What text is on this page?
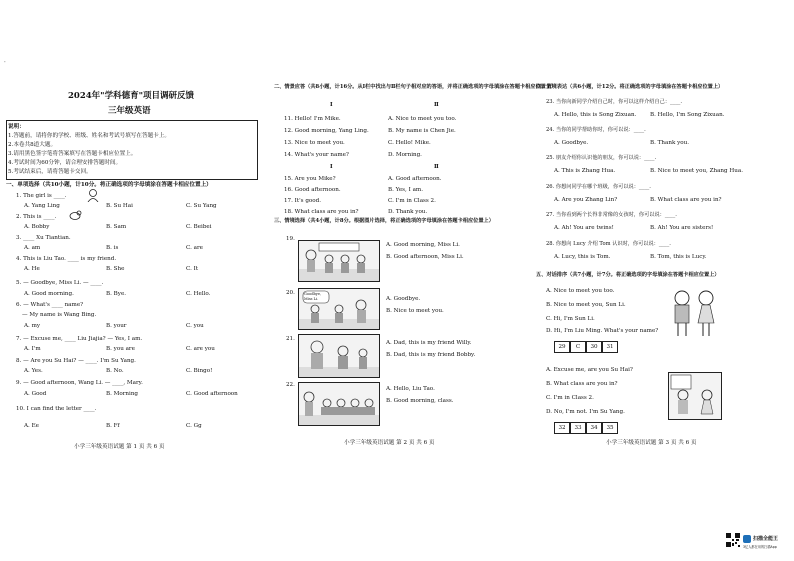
·
2024年"学科德育"项目调研反馈
三年级英语
说明：
1.答题前，请将你的学校、班级、姓名和考试号填写在答题卡上。
2.本卷共8道大题。
3.请用黑色签字笔将答案填写在答题卡相应位置上。
4.考试时间为60分钟，请合理安排答题时间。
5.考试结束后，请将答题卡交回。
一、单项选择（共10小题，计10分。将正确选项的字母填涂在答题卡相应位置上）
1. The girl is ____.
A. Yang Ling	B. Su Hai	C. Su Yang
2. This is ____.
A. Bobby	B. Sam	C. Beibei
3. ____ Xu Tiantian.
A. am	B. is	C. are
4. This is Liu Tao. ____ is my friend.
A. He	B. She	C. It
5. — Goodbye, Miss Li. — ____.
A. Good morning.	B. Bye.	C. Hello.
6. — What's ____ name?
— My name is Wang Bing.
A. my	B. your	C. you
7. — Excuse me, ____ Liu Jiajia? — Yes, I am.
A. I'm	B. you are	C. are you
8. — Are you Su Hai? — ____. I'm Su Yang.
A. Yes.	B. No.	C. Bingo!
9. — Good afternoon, Wang Li. — ____, Mary.
A. Good	B. Morning	C. Good afternoon
10. I can find the letter ____.
A. Ee	B. Ff	C. Gg
小学三年级英语试题 第 1 页 共 6 页
二、情景应答（共8小题，计16分。从Ⅰ栏中找出与Ⅱ栏句子相对应的答语，并将正确选项的字母填涂在答题卡相应位置上）
Ⅰ	Ⅱ
11. Hello! I'm Mike.
12. Good morning, Yang Ling.
13. Nice to meet you.
14. What's your name?
A. Nice to meet you too.
B. My name is Chen Jie.
C. Hello! Mike.
D. Morning.
Ⅰ	Ⅱ
15. Are you Mike?
16. Good afternoon.
17. It's good.
18. What class are you in?
A. Good afternoon.
B. Yes, I am.
C. I'm in Class 2.
D. Thank you.
三、情境选择（共4小题，计8分。根据图片选择，将正确选项的字母填涂在答题卡相应位置上）
19.
A. Good morning, Miss Li.
B. Good afternoon, Miss Li.
20.	Goodbye, Miss Li.	A. Goodbye.
B. Nice to meet you.
21.
A. Dad, this is my friend Willy.
B. Dad, this is my friend Bobby.
22.
A. Hello, Liu Tao.
B. Good morning, class.
小学三年级英语试题 第 2 页 共 6 页
四、情境表达（共6小题，计12分。将正确选项的字母填涂在答题卡相应位置上）
23. 当你向新同学介绍自己时，你可以这样介绍自己：____.
A. Hello, this is Song Zixuan. B. Hello, I'm Song Zixuan.
24. 当你的同学帮助你时，你可以说：____.
A. Goodbye.	B. Thank you.
25. 朋友介绍你认识他的朋友，你可以说：____.
A. This is Zhang Hua.	B. Nice to meet you, Zhang Hua.
26. 你想问同学在哪个班级，你可以说：____.
A. Are you Zhang Lin?	B. What class are you in?
27. 当你看到两个长得非常像的女孩时，你可以说：____.
A. Ah! You are twins!	B. Ah! You are sisters!
28. 你想向 Lucy 介绍 Tom 认识时，你可以说：____.
A. Lucy, this is Tom.	B. Tom, this is Lucy.
五、对话排序（共7小题，计7分。将正确选项的字母填涂在答题卡相应位置上）
A. Nice to meet you too.
B. Nice to meet you, Sun Li.
C. Hi, I'm Sun Li.
D. Hi, I'm Liu Ming. What's your name?
29	C	30	31
A. Excuse me, are you Su Hai?
B. What class are you in?
C. I'm in Class 2.
D. No, I'm not. I'm Su Yang.
32	33	34	35
小学三年级英语试题 第 3 页 共 6 页
扫描全能王
3亿人都在用的扫描App
